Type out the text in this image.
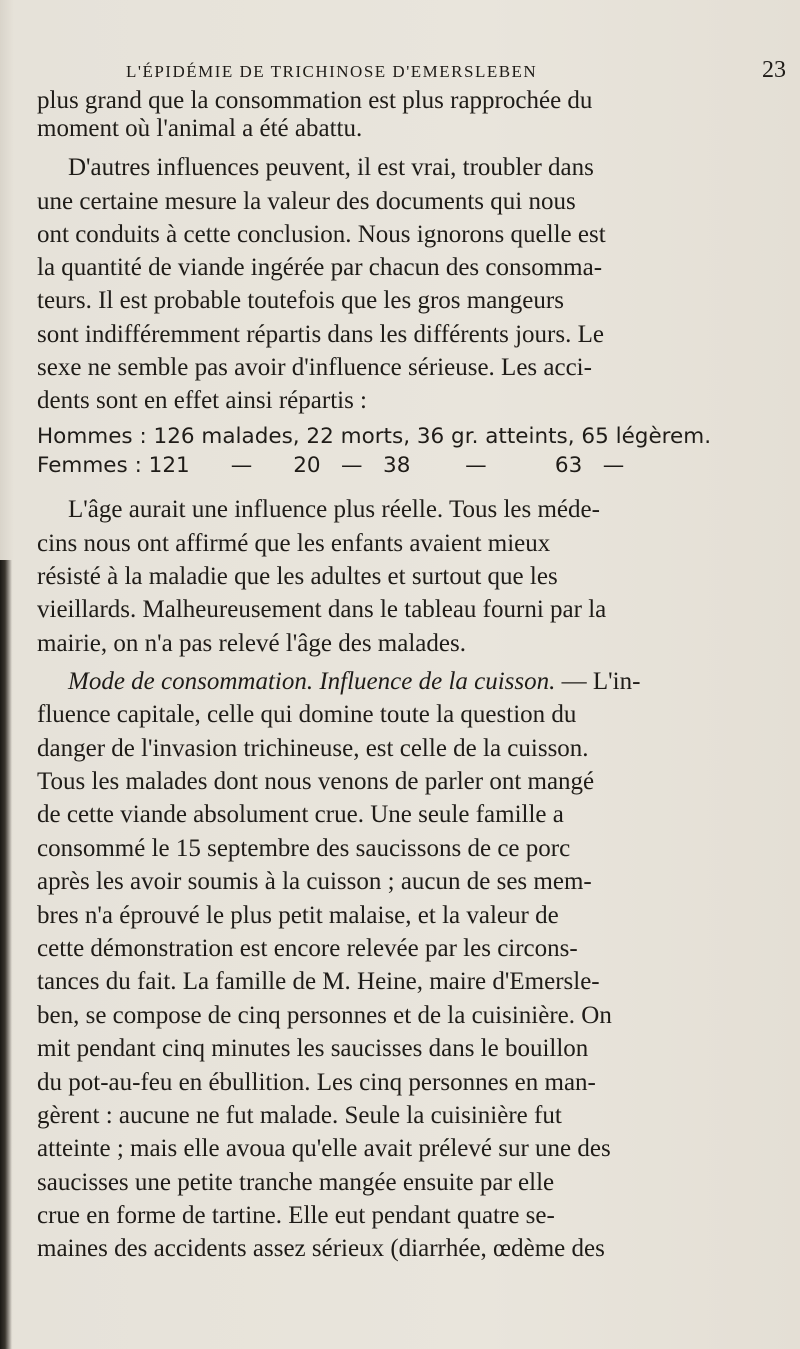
L'ÉPIDÉMIE DE TRICHINOSE D'EMERSLEBEN	23
plus grand que la consommation est plus rapprochée du
moment où l'animal a été abattu.
D'autres influences peuvent, il est vrai, troubler dans
une certaine mesure la valeur des documents qui nous
ont conduits à cette conclusion. Nous ignorons quelle est
la quantité de viande ingérée par chacun des consomma-
teurs. Il est probable toutefois que les gros mangeurs
sont indifféremment répartis dans les différents jours. Le
sexe ne semble pas avoir d'influence sérieuse. Les acci-
dents sont en effet ainsi répartis :
Hommes : 126 malades, 22 morts, 36 gr. atteints, 65 légèrem.
Femmes : 121      —      20   —   38        —          63   —
L'âge aurait une influence plus réelle. Tous les méde-
cins nous ont affirmé que les enfants avaient mieux
résisté à la maladie que les adultes et surtout que les
vieillards. Malheureusement dans le tableau fourni par la
mairie, on n'a pas relevé l'âge des malades.
Mode de consommation. Influence de la cuisson. — L'in-
fluence capitale, celle qui domine toute la question du
danger de l'invasion trichineuse, est celle de la cuisson.
Tous les malades dont nous venons de parler ont mangé
de cette viande absolument crue. Une seule famille a
consommé le 15 septembre des saucissons de ce porc
après les avoir soumis à la cuisson ; aucun de ses mem-
bres n'a éprouvé le plus petit malaise, et la valeur de
cette démonstration est encore relevée par les circons-
tances du fait. La famille de M. Heine, maire d'Emersle-
ben, se compose de cinq personnes et de la cuisinière. On
mit pendant cinq minutes les saucisses dans le bouillon
du pot-au-feu en ébullition. Les cinq personnes en man-
gèrent : aucune ne fut malade. Seule la cuisinière fut
atteinte ; mais elle avoua qu'elle avait prélevé sur une des
saucisses une petite tranche mangée ensuite par elle
crue en forme de tartine. Elle eut pendant quatre se-
maines des accidents assez sérieux (diarrhée, œdème des
